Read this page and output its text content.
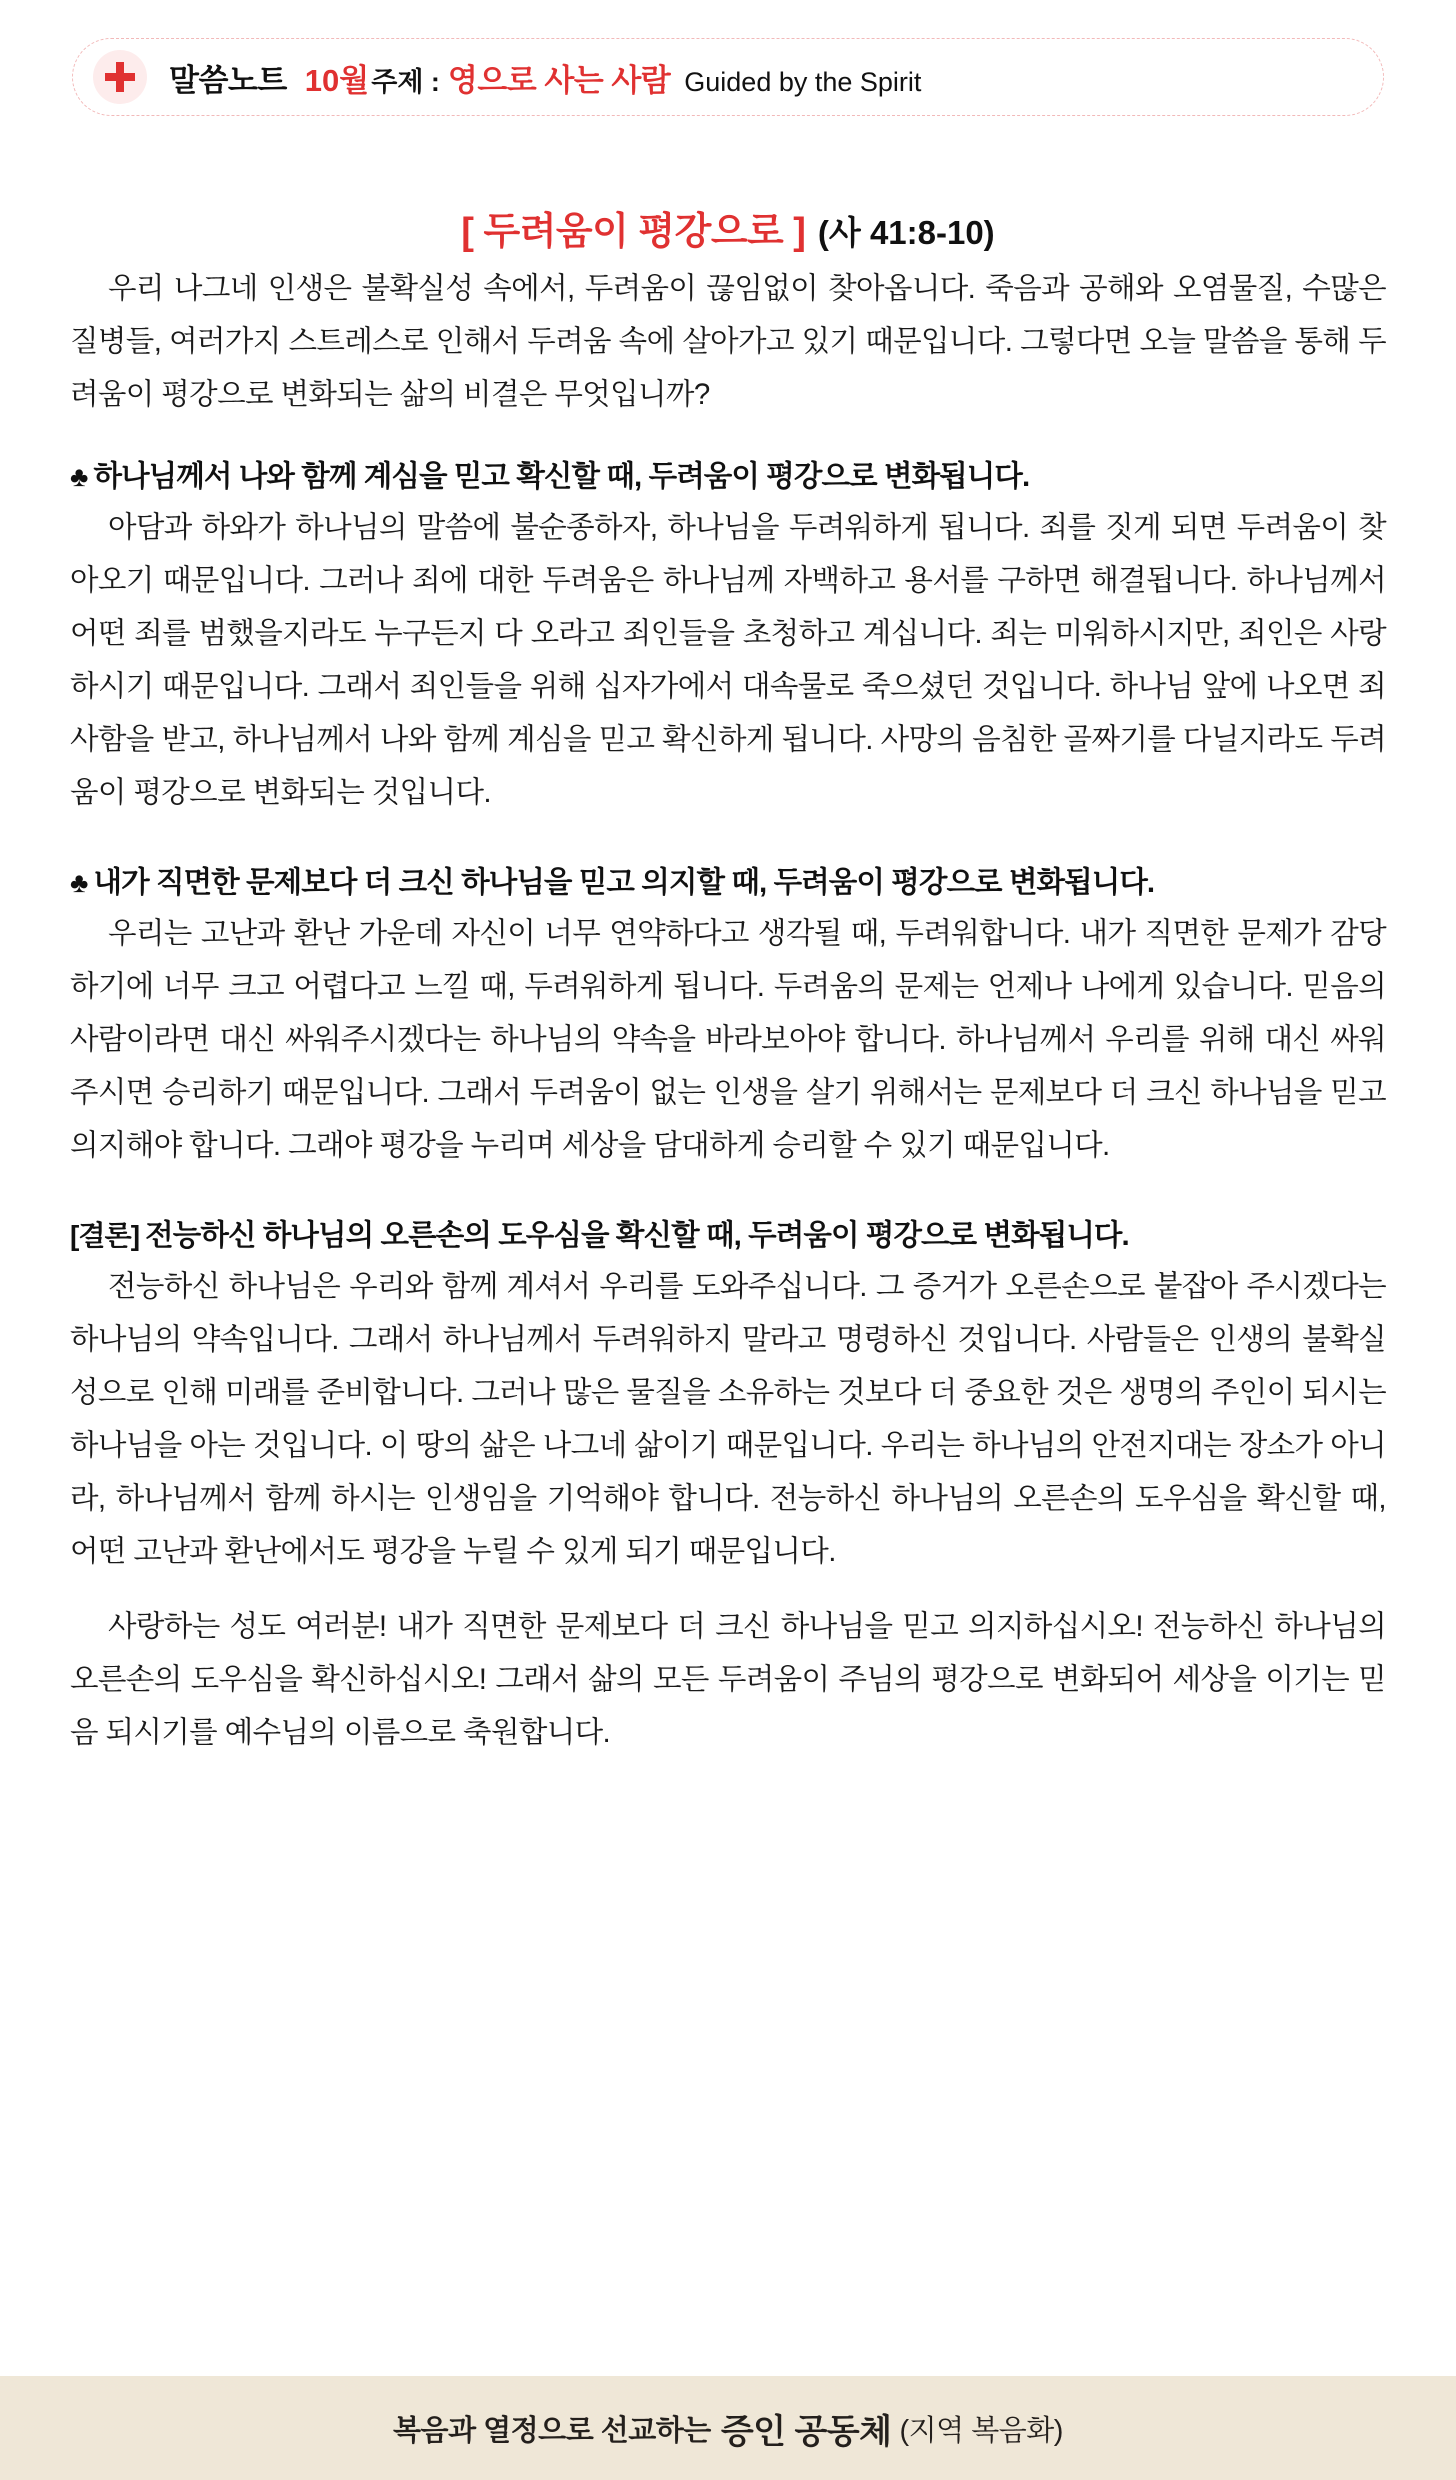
말씀노트 10월 주제 : 영으로 사는 사람 Guided by the Spirit
[ 두려움이 평강으로 ] (사 41:8-10)

우리 나그네 인생은 불확실성 속에서, 두려움이 끊임없이 찾아옵니다. 죽음과 공해와 오염물질, 수많은 질병들, 여러가지 스트레스로 인해서 두려움 속에 살아가고 있기 때문입니다. 그렇다면 오늘 말씀을 통해 두려움이 평강으로 변화되는 삶의 비결은 무엇입니까?

♣ 하나님께서 나와 함께 계심을 믿고 확신할 때, 두려움이 평강으로 변화됩니다.

아담과 하와가 하나님의 말씀에 불순종하자, 하나님을 두려워하게 됩니다. 죄를 짓게 되면 두려움이 찾아오기 때문입니다. 그러나 죄에 대한 두려움은 하나님께 자백하고 용서를 구하면 해결됩니다. 하나님께서 어떤 죄를 범했을지라도 누구든지 다 오라고 죄인들을 초청하고 계십니다. 죄는 미워하시지만, 죄인은 사랑하시기 때문입니다. 그래서 죄인들을 위해 십자가에서 대속물로 죽으셨던 것입니다. 하나님 앞에 나오면 죄사함을 받고, 하나님께서 나와 함께 계심을 믿고 확신하게 됩니다. 사망의 음침한 골짜기를 다닐지라도 두려움이 평강으로 변화되는 것입니다.

♣ 내가 직면한 문제보다 더 크신 하나님을 믿고 의지할 때, 두려움이 평강으로 변화됩니다.

우리는 고난과 환난 가운데 자신이 너무 연약하다고 생각될 때, 두려워합니다. 내가 직면한 문제가 감당하기에 너무 크고 어렵다고 느낄 때, 두려워하게 됩니다. 두려움의 문제는 언제나 나에게 있습니다. 믿음의 사람이라면 대신 싸워주시겠다는 하나님의 약속을 바라보아야 합니다. 하나님께서 우리를 위해 대신 싸워주시면 승리하기 때문입니다. 그래서 두려움이 없는 인생을 살기 위해서는 문제보다 더 크신 하나님을 믿고 의지해야 합니다. 그래야 평강을 누리며 세상을 담대하게 승리할 수 있기 때문입니다.

[결론] 전능하신 하나님의 오른손의 도우심을 확신할 때, 두려움이 평강으로 변화됩니다.

전능하신 하나님은 우리와 함께 계셔서 우리를 도와주십니다. 그 증거가 오른손으로 붙잡아 주시겠다는 하나님의 약속입니다. 그래서 하나님께서 두려워하지 말라고 명령하신 것입니다. 사람들은 인생의 불확실성으로 인해 미래를 준비합니다. 그러나 많은 물질을 소유하는 것보다 더 중요한 것은 생명의 주인이 되시는 하나님을 아는 것입니다. 이 땅의 삶은 나그네 삶이기 때문입니다. 우리는 하나님의 안전지대는 장소가 아니라, 하나님께서 함께 하시는 인생임을 기억해야 합니다. 전능하신 하나님의 오른손의 도우심을 확신할 때, 어떤 고난과 환난에서도 평강을 누릴 수 있게 되기 때문입니다.

사랑하는 성도 여러분! 내가 직면한 문제보다 더 크신 하나님을 믿고 의지하십시오! 전능하신 하나님의 오른손의 도우심을 확신하십시오! 그래서 삶의 모든 두려움이 주님의 평강으로 변화되어 세상을 이기는 믿음 되시기를 예수님의 이름으로 축원합니다.

복음과 열정으로 선교하는 증인 공동체 (지역 복음화)
